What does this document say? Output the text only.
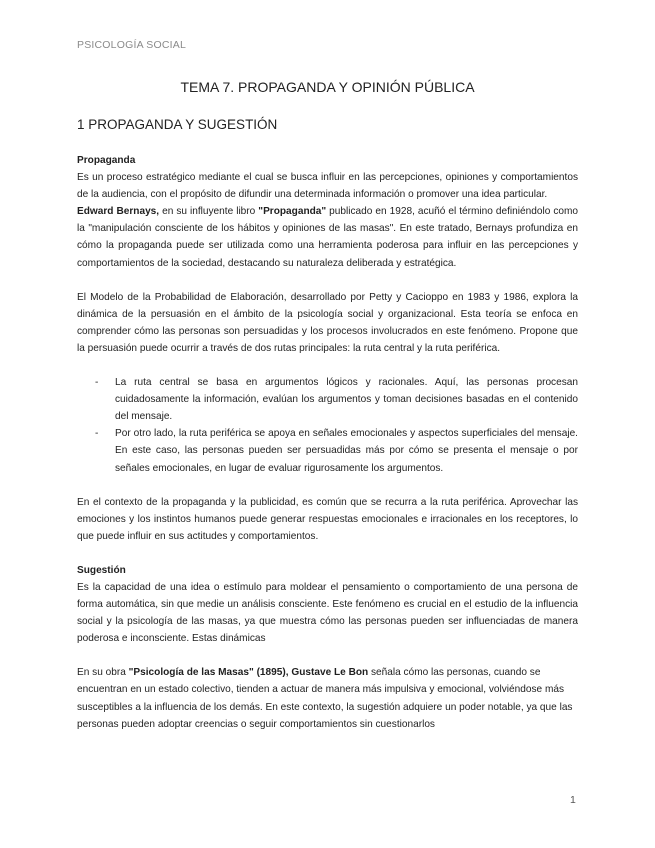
PSICOLOGÍA SOCIAL
TEMA 7. PROPAGANDA Y OPINIÓN PÚBLICA
1 PROPAGANDA Y SUGESTIÓN

Propaganda

Es un proceso estratégico mediante el cual se busca influir en las percepciones, opiniones y comportamientos de la audiencia, con el propósito de difundir una determinada información o promover una idea particular.

Edward Bernays, en su influyente libro "Propaganda" publicado en 1928, acuñó el término definiéndolo como la "manipulación consciente de los hábitos y opiniones de las masas". En este tratado, Bernays profundiza en cómo la propaganda puede ser utilizada como una herramienta poderosa para influir en las percepciones y comportamientos de la sociedad, destacando su naturaleza deliberada y estratégica.

El Modelo de la Probabilidad de Elaboración, desarrollado por Petty y Cacioppo en 1983 y 1986, explora la dinámica de la persuasión en el ámbito de la psicología social y organizacional. Esta teoría se enfoca en comprender cómo las personas son persuadidas y los procesos involucrados en este fenómeno. Propone que la persuasión puede ocurrir a través de dos rutas principales: la ruta central y la ruta periférica.

- La ruta central se basa en argumentos lógicos y racionales. Aquí, las personas procesan cuidadosamente la información, evalúan los argumentos y toman decisiones basadas en el contenido del mensaje.
- Por otro lado, la ruta periférica se apoya en señales emocionales y aspectos superficiales del mensaje. En este caso, las personas pueden ser persuadidas más por cómo se presenta el mensaje o por señales emocionales, en lugar de evaluar rigurosamente los argumentos.

En el contexto de la propaganda y la publicidad, es común que se recurra a la ruta periférica. Aprovechar las emociones y los instintos humanos puede generar respuestas emocionales e irracionales en los receptores, lo que puede influir en sus actitudes y comportamientos.

Sugestión

Es la capacidad de una idea o estímulo para moldear el pensamiento o comportamiento de una persona de forma automática, sin que medie un análisis consciente. Este fenómeno es crucial en el estudio de la influencia social y la psicología de las masas, ya que muestra cómo las personas pueden ser influenciadas de manera poderosa e inconsciente. Estas dinámicas

En su obra "Psicología de las Masas" (1895), Gustave Le Bon señala cómo las personas, cuando se encuentran en un estado colectivo, tienden a actuar de manera más impulsiva y emocional, volviéndose más susceptibles a la influencia de los demás. En este contexto, la sugestión adquiere un poder notable, ya que las personas pueden adoptar creencias o seguir comportamientos sin cuestionarlos

1
